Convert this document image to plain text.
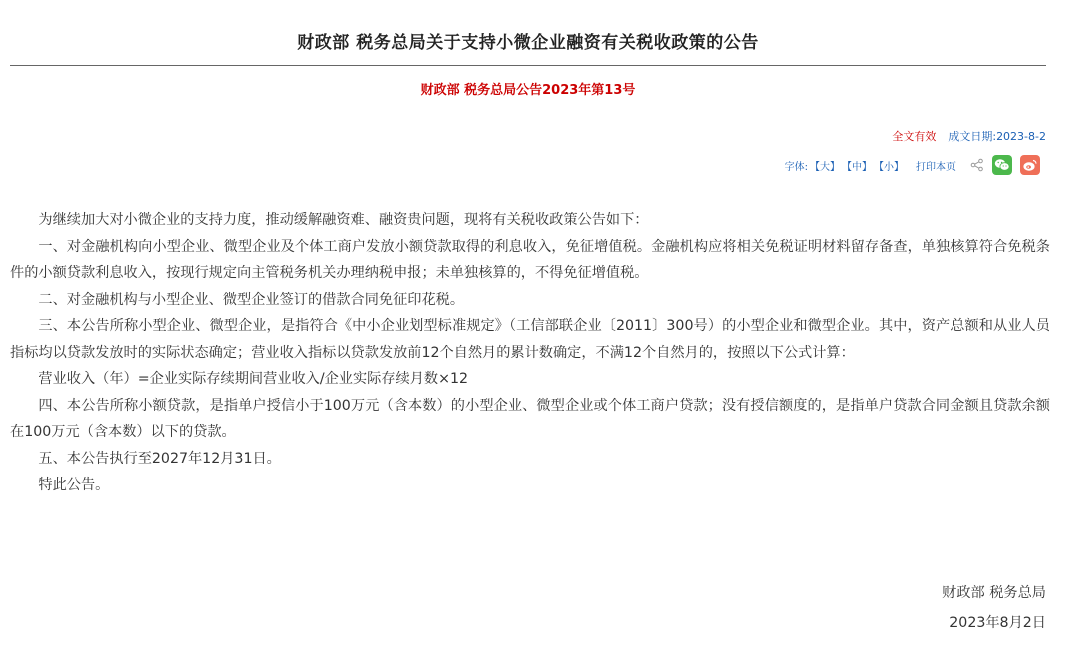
财政部 税务总局关于支持小微企业融资有关税收政策的公告
财政部 税务总局公告2023年第13号
全文有效 成文日期:2023-8-2
字体: 【大】 【中】 【小】 打印本页

为继续加大对小微企业的支持力度，推动缓解融资难、融资贵问题，现将有关税收政策公告如下：

一、对金融机构向小型企业、微型企业及个体工商户发放小额贷款取得的利息收入，免征增值税。金融机构应将相关免税证明材料留存备查，单独核算符合免税条件的小额贷款利息收入，按现行规定向主管税务机关办理纳税申报；未单独核算的，不得免征增值税。

二、对金融机构与小型企业、微型企业签订的借款合同免征印花税。

三、本公告所称小型企业、微型企业，是指符合《中小企业划型标准规定》（工信部联企业〔2011〕300号）的小型企业和微型企业。其中，资产总额和从业人员指标均以贷款发放时的实际状态确定；营业收入指标以贷款发放前12个自然月的累计数确定，不满12个自然月的，按照以下公式计算：

营业收入（年）=企业实际存续期间营业收入/企业实际存续月数×12

四、本公告所称小额贷款，是指单户授信小于100万元（含本数）的小型企业、微型企业或个体工商户贷款；没有授信额度的，是指单户贷款合同金额且贷款余额在100万元（含本数）以下的贷款。

五、本公告执行至2027年12月31日。

特此公告。

财政部 税务总局
2023年8月2日
